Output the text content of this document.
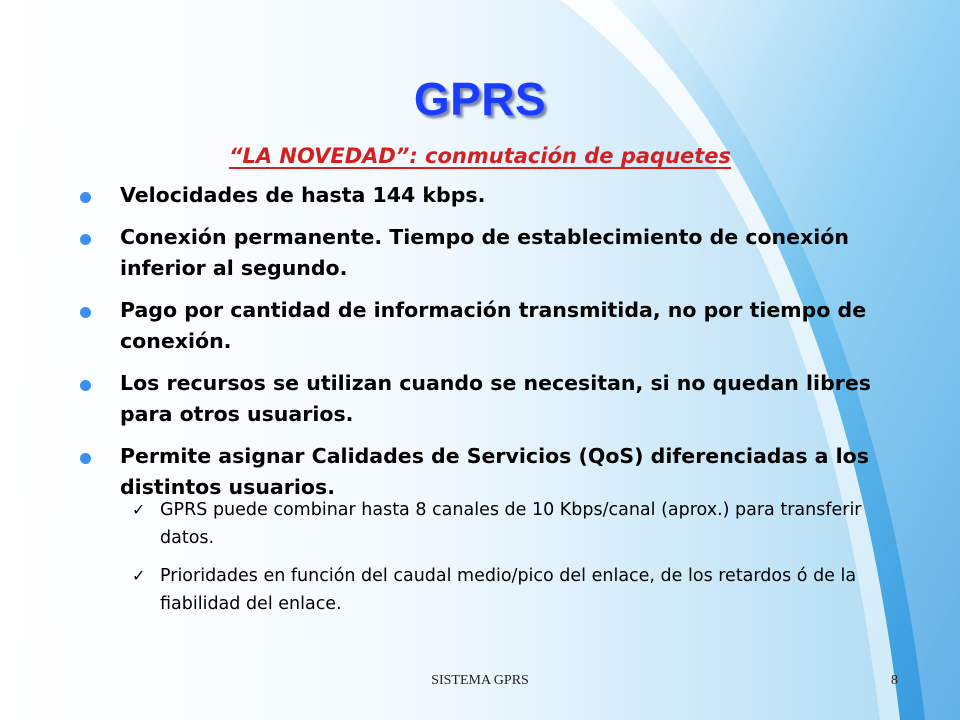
GPRS
“LA NOVEDAD”: conmutación de paquetes
Velocidades de hasta 144 kbps.
Conexión permanente. Tiempo de establecimiento de conexión inferior al segundo.
Pago por cantidad de información transmitida, no por tiempo de conexión.
Los recursos se utilizan cuando se necesitan, si no quedan libres para otros usuarios.
Permite asignar Calidades de Servicios (QoS) diferenciadas a los distintos usuarios.
✓ GPRS puede combinar hasta 8 canales de 10 Kbps/canal (aprox.) para transferir datos.
✓ Prioridades en función del caudal medio/pico del enlace, de los retardos ó de la fiabilidad del enlace.
SISTEMA GPRS	8
